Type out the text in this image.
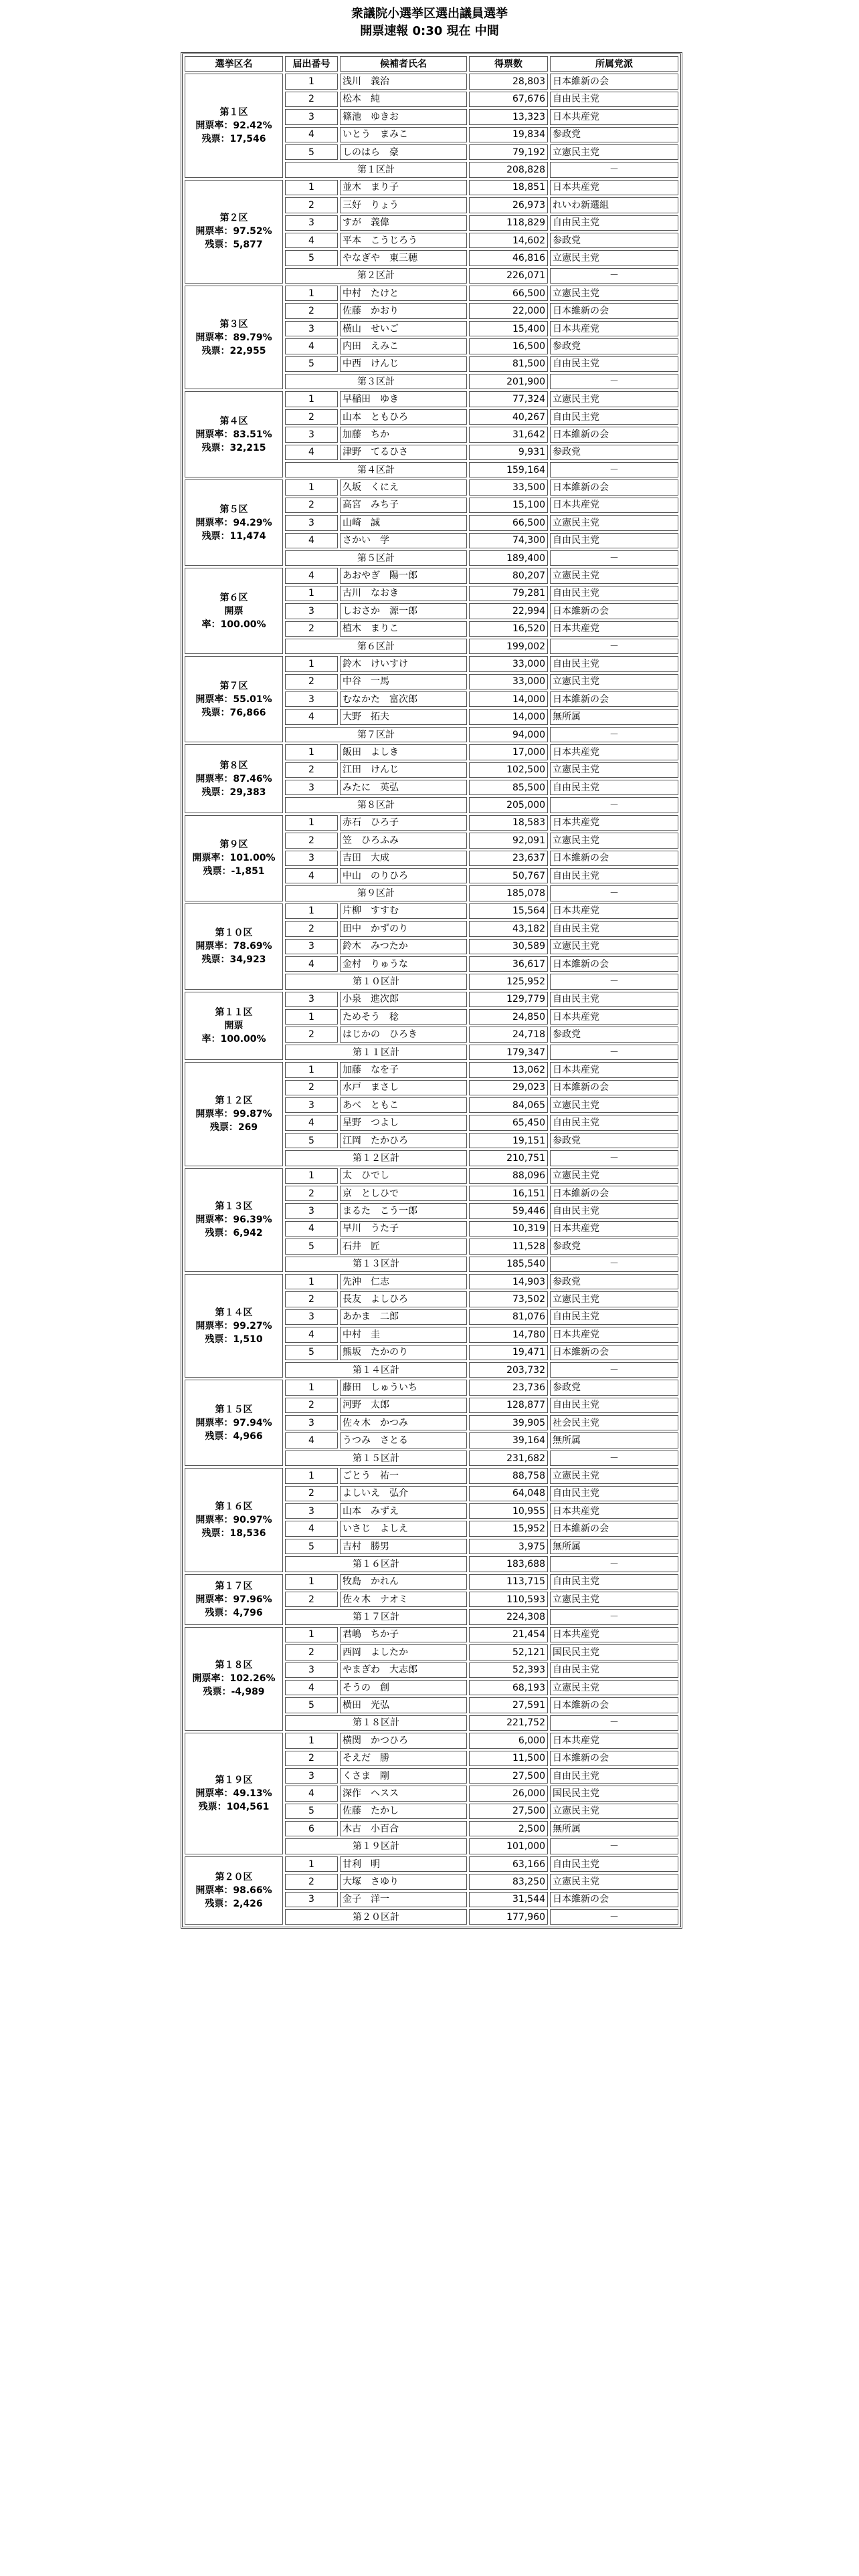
衆議院小選挙区選出議員選挙
開票速報 0:30 現在 中間
選挙区名	届出番号	候補者氏名	得票数	所属党派

第１区
開票率：92.42%
残票：17,546	1	浅川　義治	28,803	日本維新の会
	2	松本　純	67,676	自由民主党
	3	篠池　ゆきお	13,323	日本共産党
	4	いとう　まみこ	19,834	参政党
	5	しのはら　豪	79,192	立憲民主党
	第１区計		208,828	－

第２区
開票率：97.52%
残票：5,877	1	並木　まり子	18,851	日本共産党
	2	三好　りょう	26,973	れいわ新選組
	3	すが　義偉	118,829	自由民主党
	4	平本　こうじろう	14,602	参政党
	5	やなぎや　東三穂	46,816	立憲民主党
	第２区計		226,071	－

第３区
開票率：89.79%
残票：22,955	1	中村　たけと	66,500	立憲民主党
	2	佐藤　かおり	22,000	日本維新の会
	3	横山　せいご	15,400	日本共産党
	4	内田　えみこ	16,500	参政党
	5	中西　けんじ	81,500	自由民主党
	第３区計		201,900	－

第４区
開票率：83.51%
残票：32,215	1	早稲田　ゆき	77,324	立憲民主党
	2	山本　ともひろ	40,267	自由民主党
	3	加藤　ちか	31,642	日本維新の会
	4	津野　てるひさ	9,931	参政党
	第４区計		159,164	－

第５区
開票率：94.29%
残票：11,474	1	久坂　くにえ	33,500	日本維新の会
	2	高宮　みち子	15,100	日本共産党
	3	山崎　誠	66,500	立憲民主党
	4	さかい　学	74,300	自由民主党
	第５区計		189,400	－

第６区
開票
率：100.00%	4	あおやぎ　陽一郎	80,207	立憲民主党
	1	古川　なおき	79,281	自由民主党
	3	しおさか　源一郎	22,994	日本維新の会
	2	植木　まりこ	16,520	日本共産党
	第６区計		199,002	－

第７区
開票率：55.01%
残票：76,866	1	鈴木　けいすけ	33,000	自由民主党
	2	中谷　一馬	33,000	立憲民主党
	3	むなかた　富次郎	14,000	日本維新の会
	4	大野　拓夫	14,000	無所属
	第７区計		94,000	－

第８区
開票率：87.46%
残票：29,383	1	飯田　よしき	17,000	日本共産党
	2	江田　けんじ	102,500	立憲民主党
	3	みたに　英弘	85,500	自由民主党
	第８区計		205,000	－

第９区
開票率：101.00%
残票：-1,851	1	赤石　ひろ子	18,583	日本共産党
	2	笠　ひろふみ	92,091	立憲民主党
	3	吉田　大成	23,637	日本維新の会
	4	中山　のりひろ	50,767	自由民主党
	第９区計		185,078	－

第１０区
開票率：78.69%
残票：34,923	1	片柳　すすむ	15,564	日本共産党
	2	田中　かずのり	43,182	自由民主党
	3	鈴木　みつたか	30,589	立憲民主党
	4	金村　りゅうな	36,617	日本維新の会
	第１０区計		125,952	－

第１１区
開票
率：100.00%	3	小泉　進次郎	129,779	自由民主党
	1	ためそう　稔	24,850	日本共産党
	2	はじかの　ひろき	24,718	参政党
	第１１区計		179,347	－

第１２区
開票率：99.87%
残票：269	1	加藤　なを子	13,062	日本共産党
	2	水戸　まさし	29,023	日本維新の会
	3	あべ　ともこ	84,065	立憲民主党
	4	星野　つよし	65,450	自由民主党
	5	江岡　たかひろ	19,151	参政党
	第１２区計		210,751	－

第１３区
開票率：96.39%
残票：6,942	1	太　ひでし	88,096	立憲民主党
	2	京　としひで	16,151	日本維新の会
	3	まるた　こう一郎	59,446	自由民主党
	4	早川　うた子	10,319	日本共産党
	5	石井　匠	11,528	参政党
	第１３区計		185,540	－

第１４区
開票率：99.27%
残票：1,510	1	先沖　仁志	14,903	参政党
	2	長友　よしひろ	73,502	立憲民主党
	3	あかま　二郎	81,076	自由民主党
	4	中村　圭	14,780	日本共産党
	5	熊坂　たかのり	19,471	日本維新の会
	第１４区計		203,732	－

第１５区
開票率：97.94%
残票：4,966	1	藤田　しゅういち	23,736	参政党
	2	河野　太郎	128,877	自由民主党
	3	佐々木　かつみ	39,905	社会民主党
	4	うつみ　さとる	39,164	無所属
	第１５区計		231,682	－

第１６区
開票率：90.97%
残票：18,536	1	ごとう　祐一	88,758	立憲民主党
	2	よしいえ　弘介	64,048	自由民主党
	3	山本　みずえ	10,955	日本共産党
	4	いさじ　よしえ	15,952	日本維新の会
	5	吉村　勝男	3,975	無所属
	第１６区計		183,688	－

第１７区
開票率：97.96%
残票：4,796	1	牧島　かれん	113,715	自由民主党
	2	佐々木　ナオミ	110,593	立憲民主党
	第１７区計		224,308	－

第１８区
開票率：102.26%
残票：-4,989	1	君嶋　ちか子	21,454	日本共産党
	2	西岡　よしたか	52,121	国民民主党
	3	やまぎわ　大志郎	52,393	自由民主党
	4	そうの　創	68,193	立憲民主党
	5	横田　光弘	27,591	日本維新の会
	第１８区計		221,752	－

第１９区
開票率：49.13%
残票：104,561	1	横関　かつひろ	6,000	日本共産党
	2	そえだ　勝	11,500	日本維新の会
	3	くさま　剛	27,500	自由民主党
	4	深作　ヘスス	26,000	国民民主党
	5	佐藤　たかし	27,500	立憲民主党
	6	木古　小百合	2,500	無所属
	第１９区計		101,000	－

第２０区
開票率：98.66%
残票：2,426	1	甘利　明	63,166	自由民主党
	2	大塚　さゆり	83,250	立憲民主党
	3	金子　洋一	31,544	日本維新の会
	第２０区計		177,960	－
